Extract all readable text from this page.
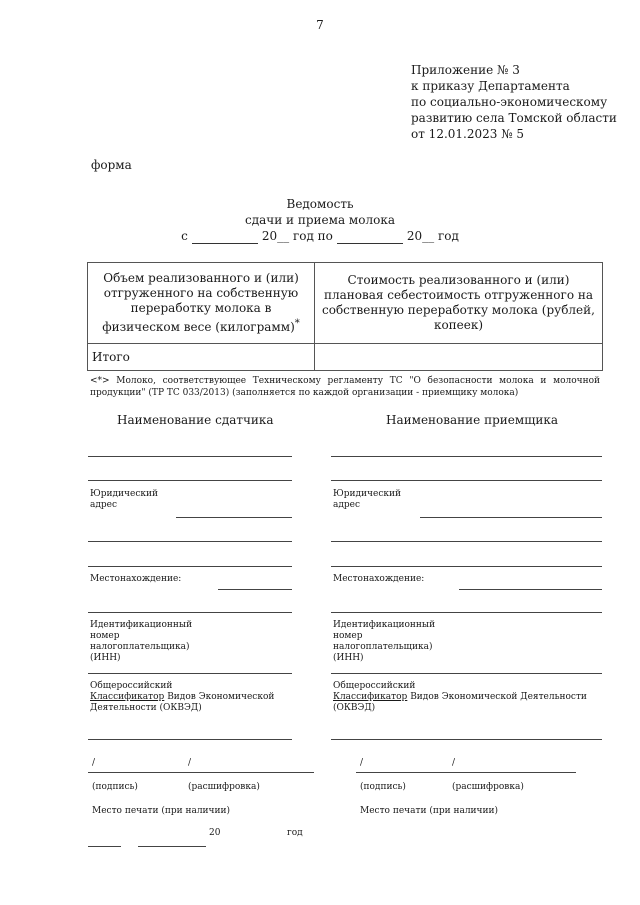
7
Приложение № 3
к приказу Департамента
по социально-экономическому
развитию села Томской области
от 12.01.2023 № 5
форма
Ведомость
сдачи и приема молока
с	20__ год по	20__ год
Объем реализованного и (или) отгруженного на собственную переработку молока в физическом весе (килограмм)*	Стоимость реализованного и (или) плановая себестоимость отгруженного на собственную переработку молока (рублей, копеек)
Итого	
<*> Молоко, соответствующее Техническому регламенту ТС "О безопасности молока и молочной продукции" (ТР ТС 033/2013) (заполняется по каждой организации - приемщику молока)
Наименование сдатчика	Наименование приемщика
Юридический
адрес
Юридический
адрес
Местонахождение:	Местонахождение:
Идентификационный
номер
налогоплательщика)
(ИНН)
Идентификационный
номер
налогоплательщика)
(ИНН)
Общероссийский
Классификатор Видов Экономической
Деятельности (ОКВЭД)
Общероссийский
Классификатор Видов Экономической Деятельности
(ОКВЭД)
/	/
(подпись)	(расшифровка)
Место печати (при наличии)
/	/
(подпись)	(расшифровка)
Место печати (при наличии)
20	год
